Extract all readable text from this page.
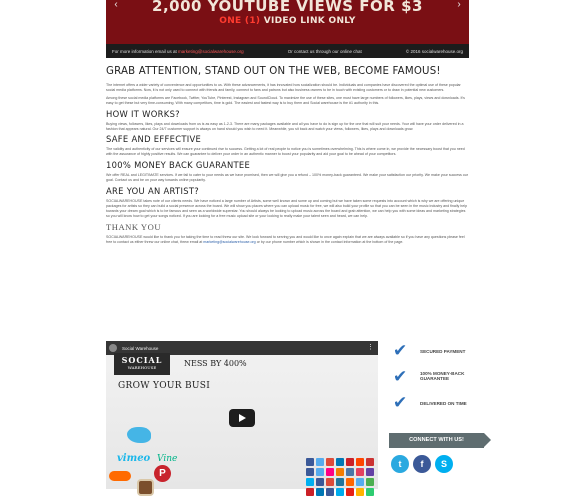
2,000 YOUTUBE VIEWS FOR $3
ONE (1) VIDEO LINK ONLY
‹	›
For more information email us at marketing@socialwarehouse.org	Or contact us through our online chat	© 2016 socialwarehouse.org
GRAB ATTENTION, STAND OUT ON THE WEB, BECOME FAMOUS!

The internet offers a wider variety of convenience and opportunities to us. With these advancements, it has innovated how socialization should be. Individuals and companies have discovered the optimal use of these popular social media platforms. Now, it is not only used to connect with friends and family, connect to fans and patrons but also business owners to be in touch with existing customers or to draw in potential new customers.

Among these social media platforms are Facebook, Twitter, YouTube, Pinterest, Instagram and SoundCloud. To maximize the use of these sites, one must have large numbers of followers, likes, plays, views and downloads. It's easy to get these but very time-consuming. With many competitors, time is gold. The easiest and fastest way is to buy them and Social warehouse is the #1 authority in this.

HOW IT WORKS?

Buying views, followers, likes, plays and downloads from us is as easy as 1-2-3. There are many packages available and all you have to do is sign up for the one that will suit your needs. Your will have your order delivered in a fashion that appears natural. Our 24/7 customer support is always on hand should you wish to need it. Meanwhile, you sit back and watch your views, followers, likes, plays and downloads grow.

SAFE AND EFFECTIVE

The validity and authenticity of our services will ensure your continued rise to success. Getting a lot of real people to notice you is sometimes overwhelming. This is where come in, we provide the necessary boost that you need with the assurance of highly positive results. We can guarantee to deliver your order in an authentic manner to boost your popularity and aid your goal to be ahead of your competitors.

100% MONEY BACK GUARANTEE

We offer REAL and LEGITIMATE services. If we fail to cater to your needs as we have promised, then we will give you a refund – 100% money-back guaranteed. We make your satisfaction our priority. We make your success our goal. Contact us and be on your way towards online popularity.

ARE YOU AN ARTIST?

SOCIALWAREHOUSE takes note of our clients needs. We have noticed a large number of Artists, some well known and some up and coming but we have taken some requests into account which is why we are offering unique packages for artists so they can build a social presence across the board. We will show you places where you can upload music for free, we will also build your profile so that you can be seen in the music industry and finally help towards your dream goal which is to be famous and seen as a worldwide superstar. You should always be looking to upload music across the board and grab attention, we can help you with some ideas and marketing strategies so you will know how to get your songs noticed. If you are looking for a free music upload site or your looking to really make your talent seen and heard, we can help.

THANK YOU

SOCIALWAREHOUSE would like to thank you for taking the time to read threw our site. We look forward to serving you and would like to once again explain that we are always available so if you have any questions please feel free to contact us either threw our online chat, threw email at marketing@socialwarehouse.org or by our phone number which is shown in the contact information at the bottom of the page.

Social Warehouse	⋮
SOCIAL
WAREHOUSE	NESS BY 400%
GROW YOUR BUSI
✔	SECURED PAYMENT
✔	100% MONEY-BACK GUARANTEE
✔	DELIVERED ON TIME
CONNECT WITH US!
t	f	S
vimeo Vine
P
